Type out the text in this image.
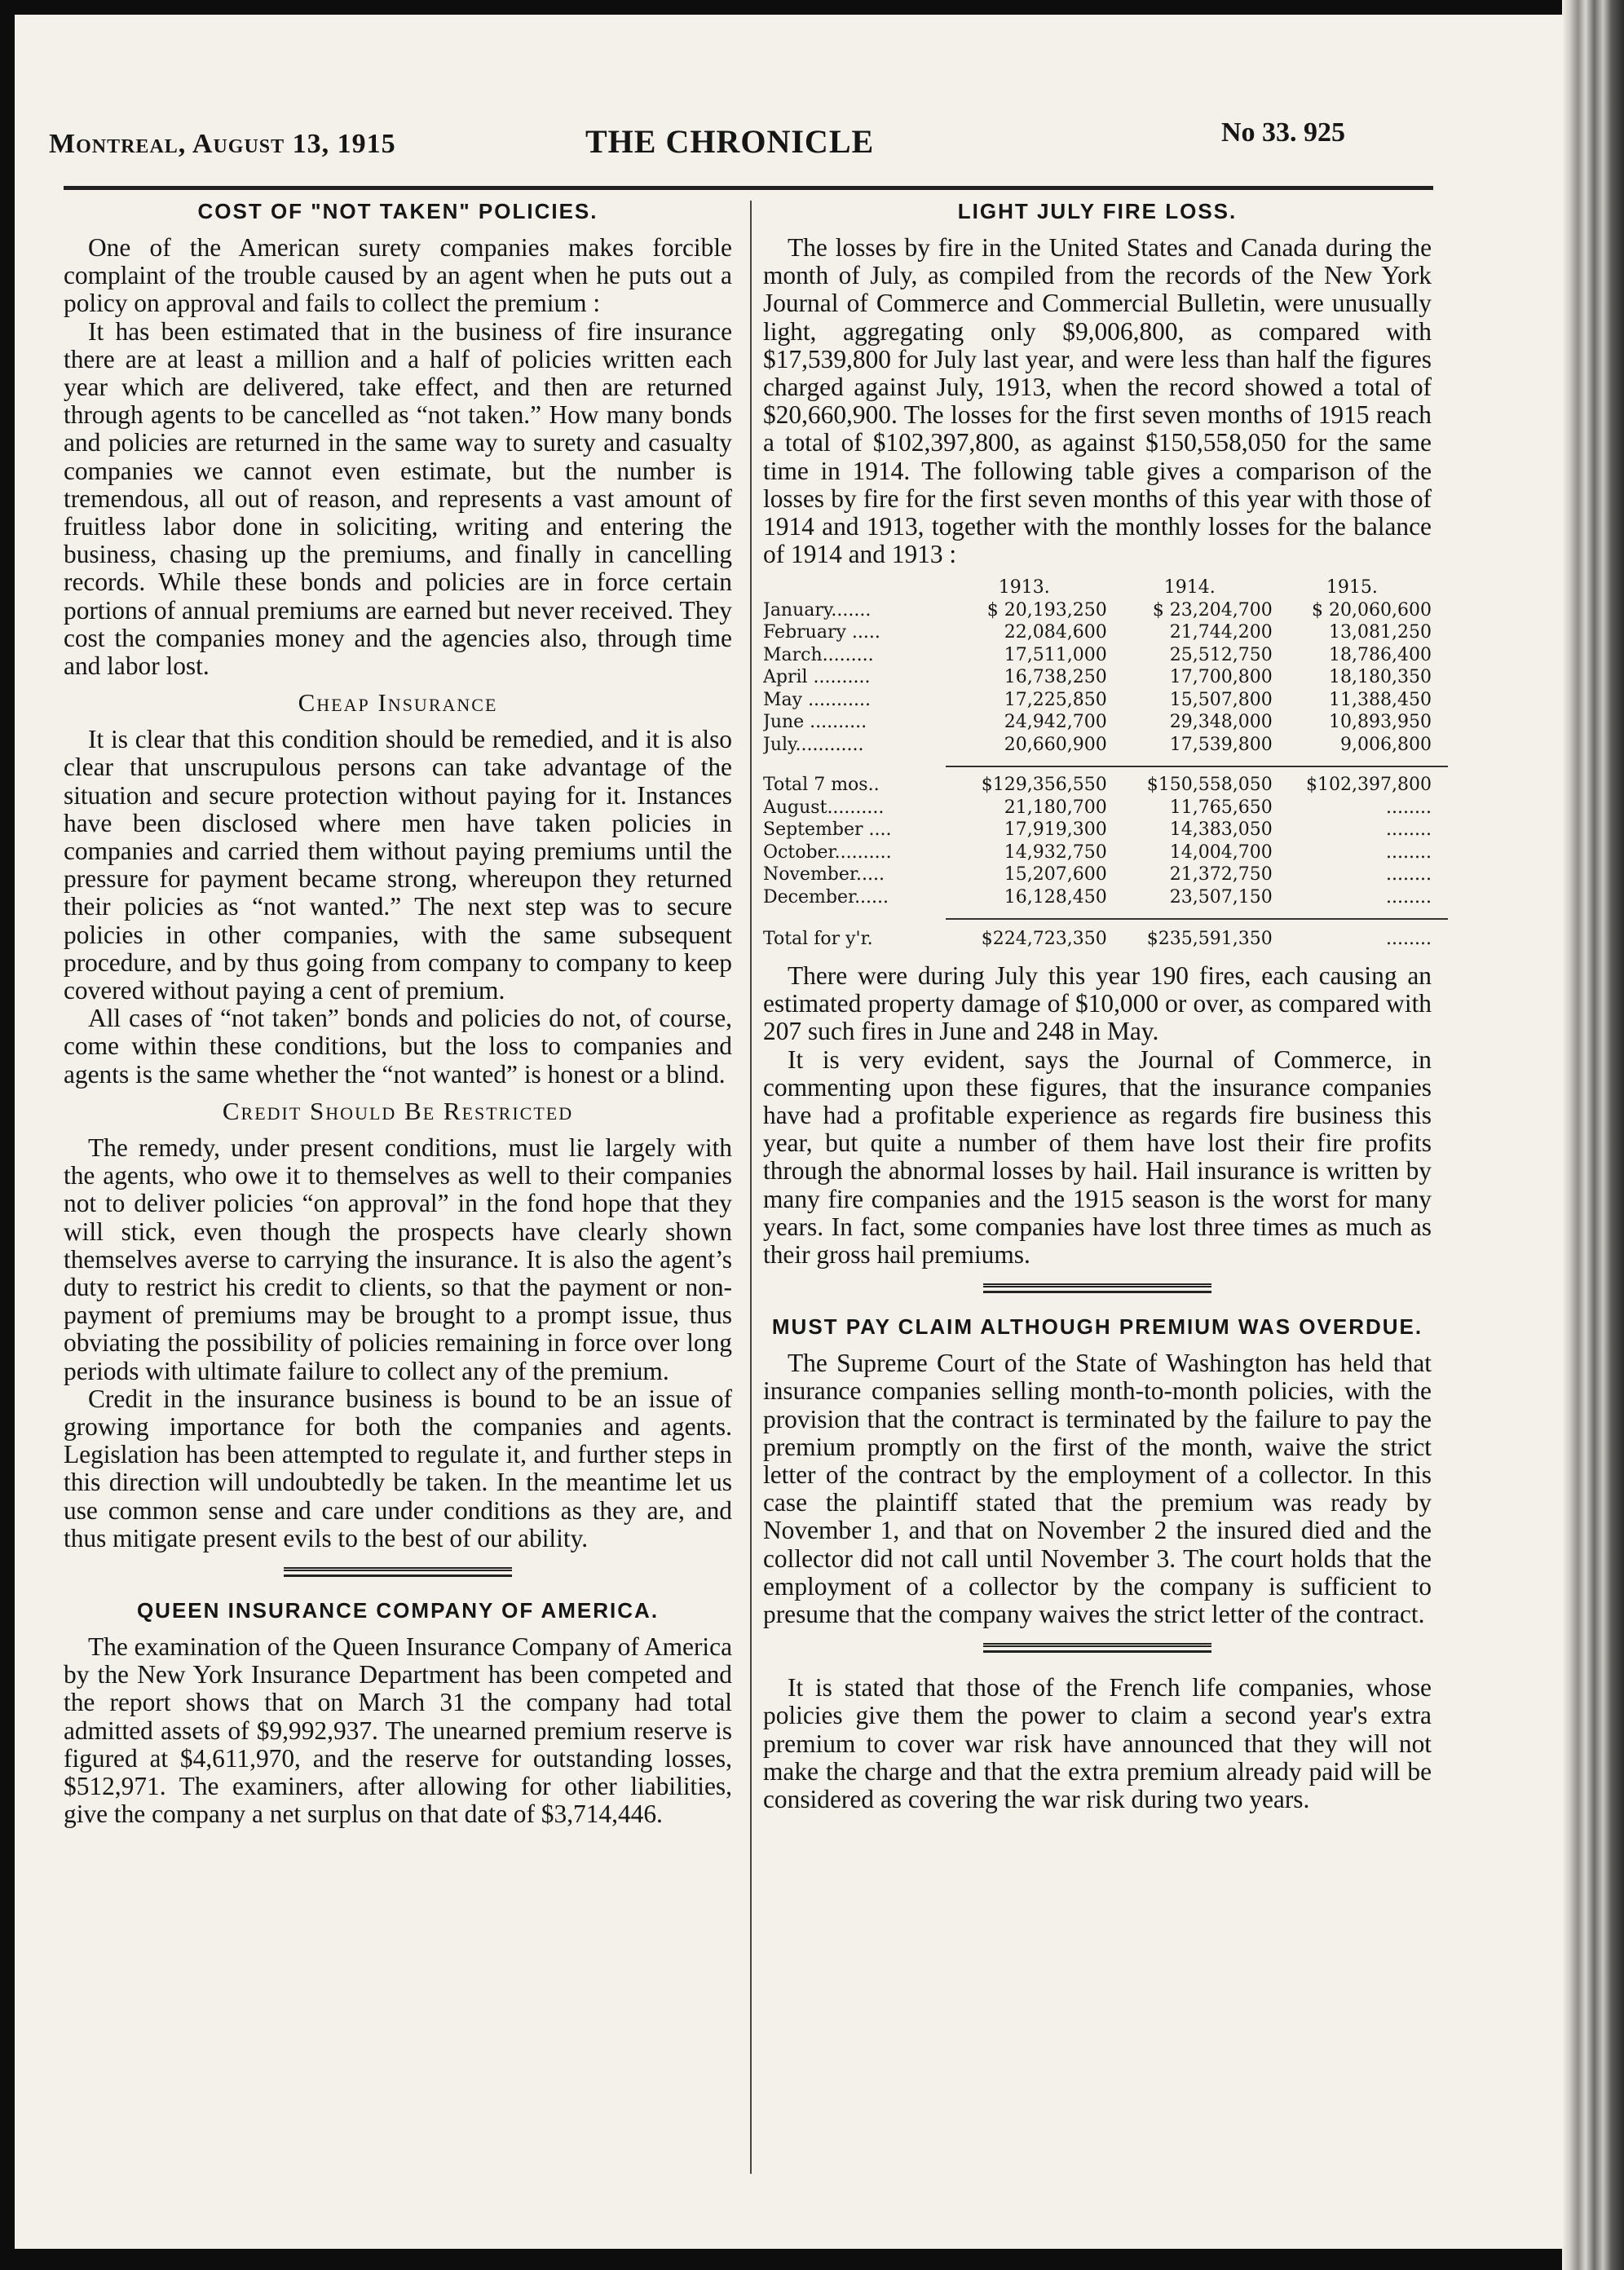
Montreal, August 13, 1915	THE CHRONICLE	No 33. 925
COST OF "NOT TAKEN" POLICIES.

One of the American surety companies makes forcible complaint of the trouble caused by an agent when he puts out a policy on approval and fails to collect the premium :

It has been estimated that in the business of fire insurance there are at least a million and a half of policies written each year which are delivered, take effect, and then are returned through agents to be cancelled as “not taken.” How many bonds and policies are returned in the same way to surety and casualty companies we cannot even estimate, but the number is tremendous, all out of reason, and represents a vast amount of fruitless labor done in soliciting, writing and entering the business, chasing up the premiums, and finally in cancelling records. While these bonds and policies are in force certain portions of annual premiums are earned but never received. They cost the companies money and the agencies also, through time and labor lost.

Cheap Insurance

It is clear that this condition should be remedied, and it is also clear that unscrupulous persons can take advantage of the situation and secure protection without paying for it. Instances have been disclosed where men have taken policies in companies and carried them without paying premiums until the pressure for payment became strong, whereupon they returned their policies as “not wanted.” The next step was to secure policies in other companies, with the same subsequent procedure, and by thus going from company to company to keep covered without paying a cent of premium.

All cases of “not taken” bonds and policies do not, of course, come within these conditions, but the loss to companies and agents is the same whether the “not wanted” is honest or a blind.

Credit Should Be Restricted

The remedy, under present conditions, must lie largely with the agents, who owe it to themselves as well to their companies not to deliver policies “on approval” in the fond hope that they will stick, even though the prospects have clearly shown themselves averse to carrying the insurance. It is also the agent’s duty to restrict his credit to clients, so that the payment or non-payment of premiums may be brought to a prompt issue, thus obviating the possibility of policies remaining in force over long periods with ultimate failure to collect any of the premium.

Credit in the insurance business is bound to be an issue of growing importance for both the companies and agents. Legislation has been attempted to regulate it, and further steps in this direction will undoubtedly be taken. In the meantime let us use common sense and care under conditions as they are, and thus mitigate present evils to the best of our ability.

QUEEN INSURANCE COMPANY OF AMERICA.

The examination of the Queen Insurance Company of America by the New York Insurance Department has been competed and the report shows that on March 31 the company had total admitted assets of $9,992,937. The unearned premium reserve is figured at $4,611,970, and the reserve for outstanding losses, $512,971. The examiners, after allowing for other liabilities, give the company a net surplus on that date of $3,714,446.

LIGHT JULY FIRE LOSS.

The losses by fire in the United States and Canada during the month of July, as compiled from the records of the New York Journal of Commerce and Commercial Bulletin, were unusually light, aggregating only $9,006,800, as compared with $17,539,800 for July last year, and were less than half the figures charged against July, 1913, when the record showed a total of $20,660,900. The losses for the first seven months of 1915 reach a total of $102,397,800, as against $150,558,050 for the same time in 1914. The following table gives a comparison of the losses by fire for the first seven months of this year with those of 1914 and 1913, together with the monthly losses for the balance of 1914 and 1913 :

1913.	1914.	1915.
January.......	$ 20,193,250	$ 23,204,700	$ 20,060,600
February .....	22,084,600	21,744,200	13,081,250
March.........	17,511,000	25,512,750	18,786,400
April ..........	16,738,250	17,700,800	18,180,350
May ...........	17,225,850	15,507,800	11,388,450
June ..........	24,942,700	29,348,000	10,893,950
July............	20,660,900	17,539,800	9,006,800
Total 7 mos..	$129,356,550	$150,558,050	$102,397,800
August..........	21,180,700	11,765,650	........
September ....	17,919,300	14,383,050	........
October..........	14,932,750	14,004,700	........
November.....	15,207,600	21,372,750	........
December......	16,128,450	23,507,150	........
Total for y'r.	$224,723,350	$235,591,350	........

There were during July this year 190 fires, each causing an estimated property damage of $10,000 or over, as compared with 207 such fires in June and 248 in May.

It is very evident, says the Journal of Commerce, in commenting upon these figures, that the insurance companies have had a profitable experience as regards fire business this year, but quite a number of them have lost their fire profits through the abnormal losses by hail. Hail insurance is written by many fire companies and the 1915 season is the worst for many years. In fact, some companies have lost three times as much as their gross hail premiums.

MUST PAY CLAIM ALTHOUGH PREMIUM WAS OVERDUE.

The Supreme Court of the State of Washington has held that insurance companies selling month-to-month policies, with the provision that the contract is terminated by the failure to pay the premium promptly on the first of the month, waive the strict letter of the contract by the employment of a collector. In this case the plaintiff stated that the premium was ready by November 1, and that on November 2 the insured died and the collector did not call until November 3. The court holds that the employment of a collector by the company is sufficient to presume that the company waives the strict letter of the contract.

It is stated that those of the French life companies, whose policies give them the power to claim a second year's extra premium to cover war risk have announced that they will not make the charge and that the extra premium already paid will be considered as covering the war risk during two years.
